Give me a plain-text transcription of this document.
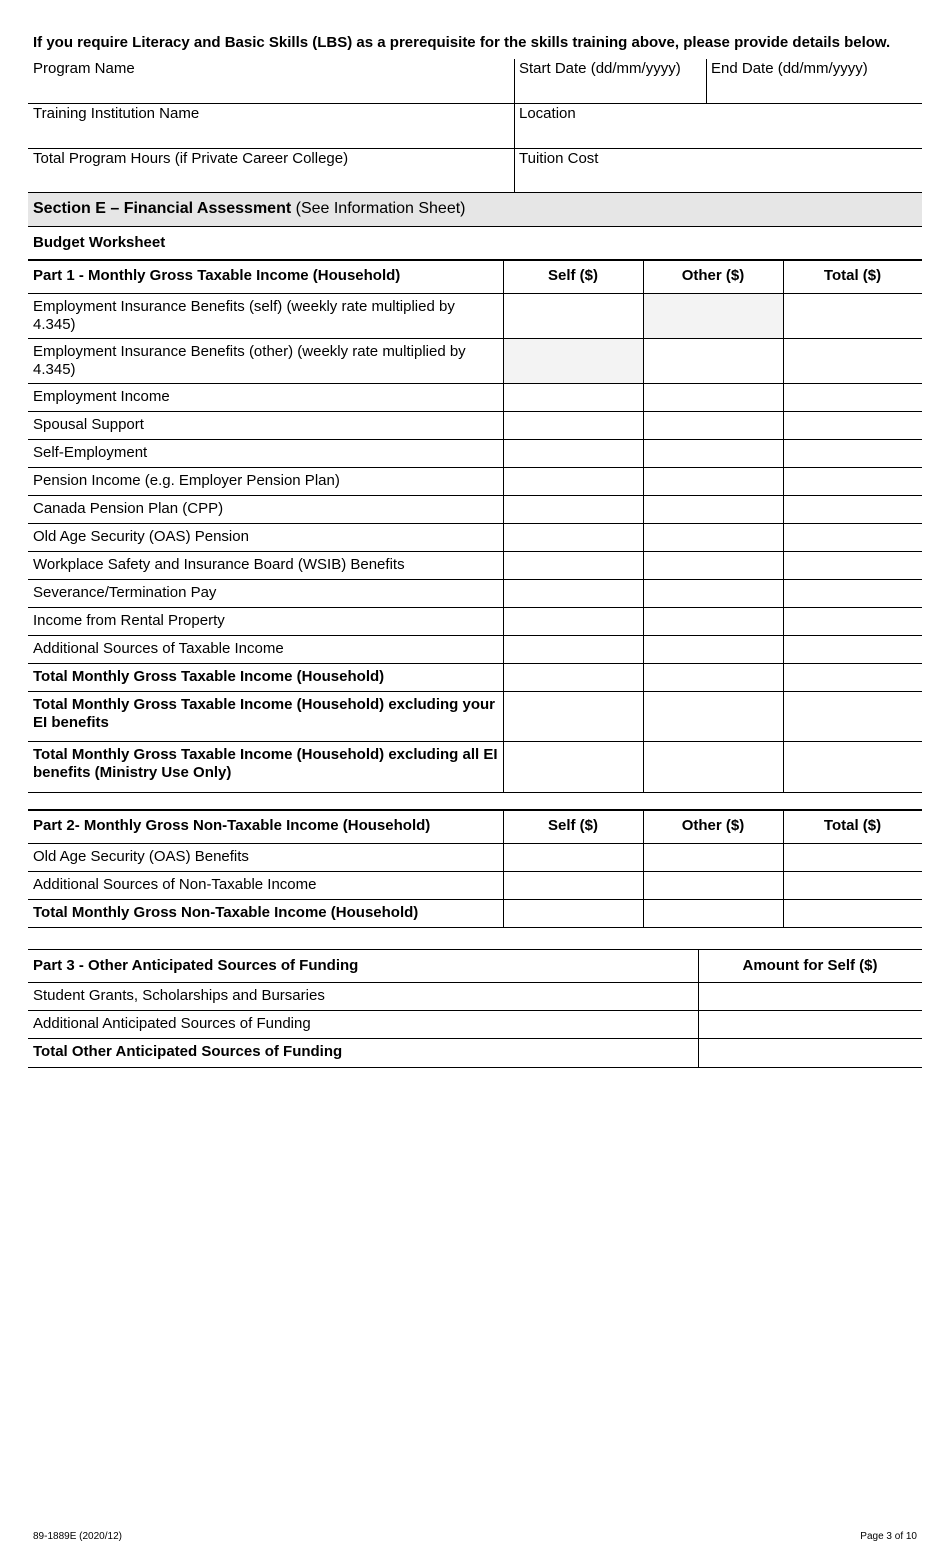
If you require Literacy and Basic Skills (LBS) as a prerequisite for the skills training above, please provide details below.
Program Name	Start Date (dd/mm/yyyy) End Date (dd/mm/yyyy)
Training Institution Name	Location
Total Program Hours (if Private Career College)	Tuition Cost
Section E – Financial Assessment (See Information Sheet)
Budget Worksheet
Part 1 - Monthly Gross Taxable Income (Household)	Self ($)	Other ($)	Total ($)
Employment Insurance Benefits (self) (weekly rate multiplied by 4.345)
Employment Insurance Benefits (other) (weekly rate multiplied by 4.345)
Employment Income
Spousal Support
Self-Employment
Pension Income (e.g. Employer Pension Plan)
Canada Pension Plan (CPP)
Old Age Security (OAS) Pension
Workplace Safety and Insurance Board (WSIB) Benefits
Severance/Termination Pay
Income from Rental Property
Additional Sources of Taxable Income
Total Monthly Gross Taxable Income (Household)
Total Monthly Gross Taxable Income (Household) excluding your EI benefits
Total Monthly Gross Taxable Income (Household) excluding all EI benefits (Ministry Use Only)
Part 2- Monthly Gross Non-Taxable Income (Household)	Self ($)	Other ($)	Total ($)
Old Age Security (OAS) Benefits
Additional Sources of Non-Taxable Income
Total Monthly Gross Non-Taxable Income (Household)
Part 3 - Other Anticipated Sources of Funding	Amount for Self ($)
Student Grants, Scholarships and Bursaries
Additional Anticipated Sources of Funding
Total Other Anticipated Sources of Funding
89-1889E (2020/12)	Page 3 of 10
